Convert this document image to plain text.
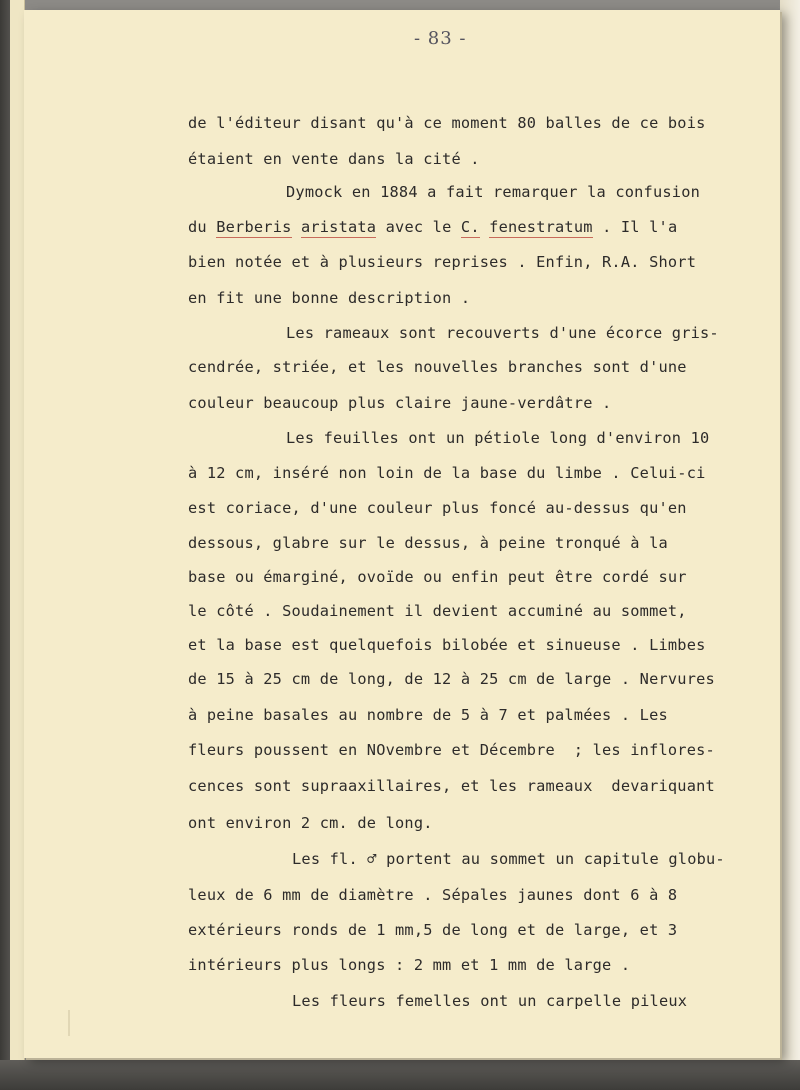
- 83 -
de l'éditeur disant qu'à ce moment 80 balles de ce bois
étaient en vente dans la cité .
Dymock en 1884 a fait remarquer la confusion
du Berberis aristata avec le C. fenestratum . Il l'a
bien notée et à plusieurs reprises . Enfin, R.A. Short
en fit une bonne description .
Les rameaux sont recouverts d'une écorce gris-
cendrée, striée, et les nouvelles branches sont d'une
couleur beaucoup plus claire jaune-verdâtre .
Les feuilles ont un pétiole long d'environ 10
à 12 cm, inséré non loin de la base du limbe . Celui-ci
est coriace, d'une couleur plus foncé au-dessus qu'en
dessous, glabre sur le dessus, à peine tronqué à la
base ou émarginé, ovoïde ou enfin peut être cordé sur
le côté . Soudainement il devient accuminé au sommet,
et la base est quelquefois bilobée et sinueuse . Limbes
de 15 à 25 cm de long, de 12 à 25 cm de large . Nervures
à peine basales au nombre de 5 à 7 et palmées . Les
fleurs poussent en NOvembre et Décembre  ; les inflores-
cences sont supraaxillaires, et les rameaux  devariquant
ont environ 2 cm. de long.
Les fl. ♂ portent au sommet un capitule globu-
leux de 6 mm de diamètre . Sépales jaunes dont 6 à 8
extérieurs ronds de 1 mm,5 de long et de large, et 3
intérieurs plus longs : 2 mm et 1 mm de large .
Les fleurs femelles ont un carpelle pileux
